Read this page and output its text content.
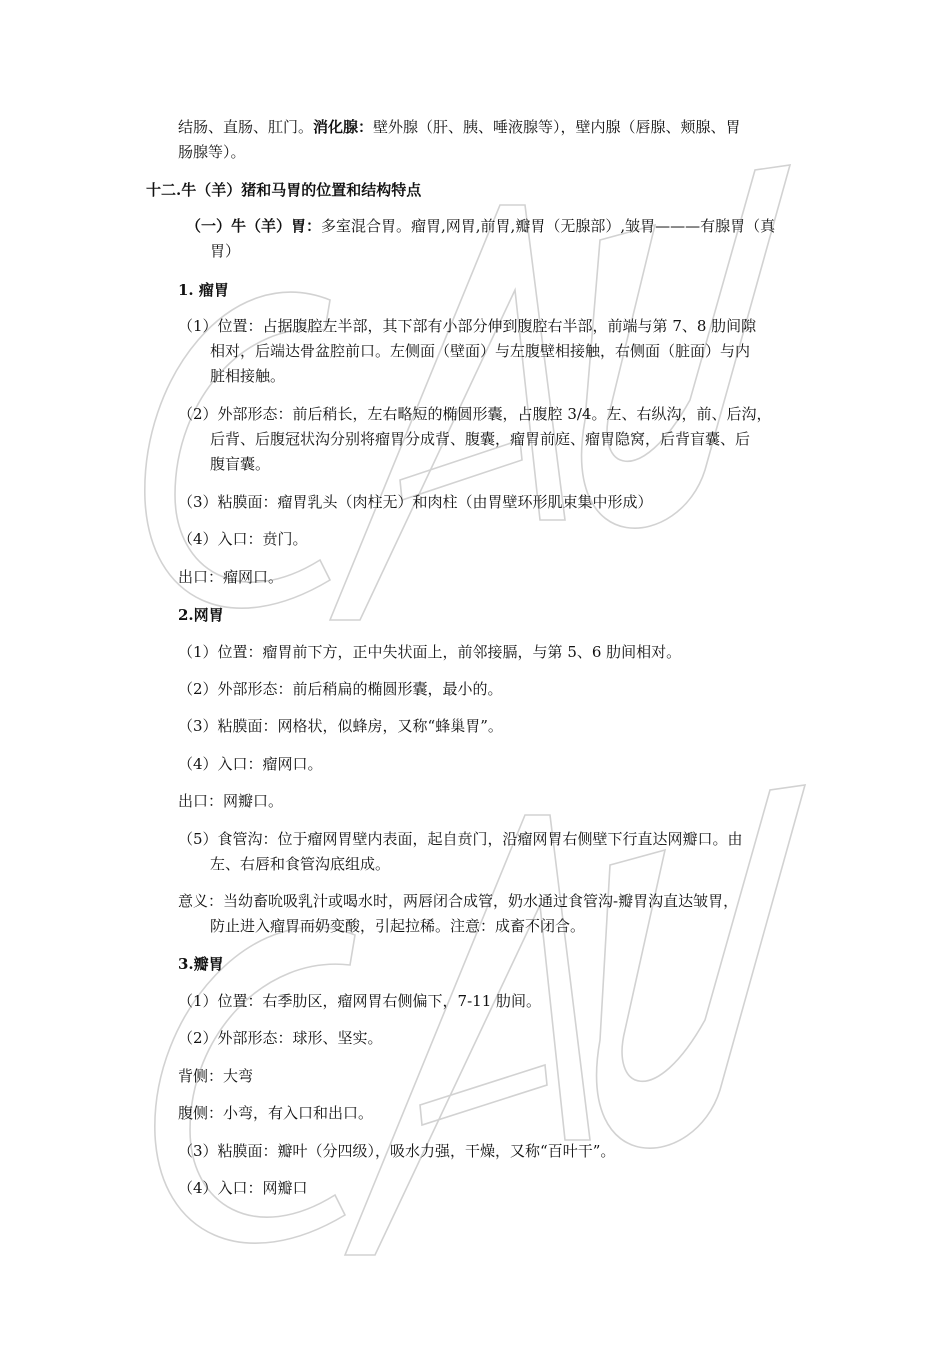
结肠、直肠、肛门。消化腺：壁外腺（肝、胰、唾液腺等），壁内腺（唇腺、颊腺、胃
肠腺等）。
十二.牛（羊）猪和马胃的位置和结构特点
（一）牛（羊）胃：多室混合胃。瘤胃,网胃,前胃,瓣胃（无腺部）,皱胃———有腺胃（真
胃）
1. 瘤胃
（1）位置：占据腹腔左半部，其下部有小部分伸到腹腔右半部，前端与第 7、8 肋间隙
相对，后端达骨盆腔前口。左侧面（壁面）与左腹壁相接触，右侧面（脏面）与内
脏相接触。
（2）外部形态：前后稍长，左右略短的椭圆形囊，占腹腔 3/4。左、右纵沟，前、后沟，
后背、后腹冠状沟分别将瘤胃分成背、腹囊，瘤胃前庭、瘤胃隐窝，后背盲囊、后
腹盲囊。
（3）粘膜面：瘤胃乳头（肉柱无）和肉柱（由胃壁环形肌束集中形成）
（4）入口：贲门。
出口：瘤网口。
2.网胃
（1）位置：瘤胃前下方，正中失状面上，前邻接膈，与第 5、6 肋间相对。
（2）外部形态：前后稍扁的椭圆形囊，最小的。
（3）粘膜面：网格状，似蜂房，又称“蜂巢胃”。
（4）入口：瘤网口。
出口：网瓣口。
（5）食管沟：位于瘤网胃壁内表面，起自贲门，沿瘤网胃右侧壁下行直达网瓣口。由
左、右唇和食管沟底组成。
意义：当幼畜吮吸乳汁或喝水时，两唇闭合成管，奶水通过食管沟-瓣胃沟直达皱胃，
防止进入瘤胃而奶变酸，引起拉稀。注意：成畜不闭合。
3.瓣胃
（1）位置：右季肋区，瘤网胃右侧偏下，7-11 肋间。
（2）外部形态：球形、坚实。
背侧：大弯
腹侧：小弯，有入口和出口。
（3）粘膜面：瓣叶（分四级），吸水力强，干燥，又称“百叶干”。
（4）入口：网瓣口
